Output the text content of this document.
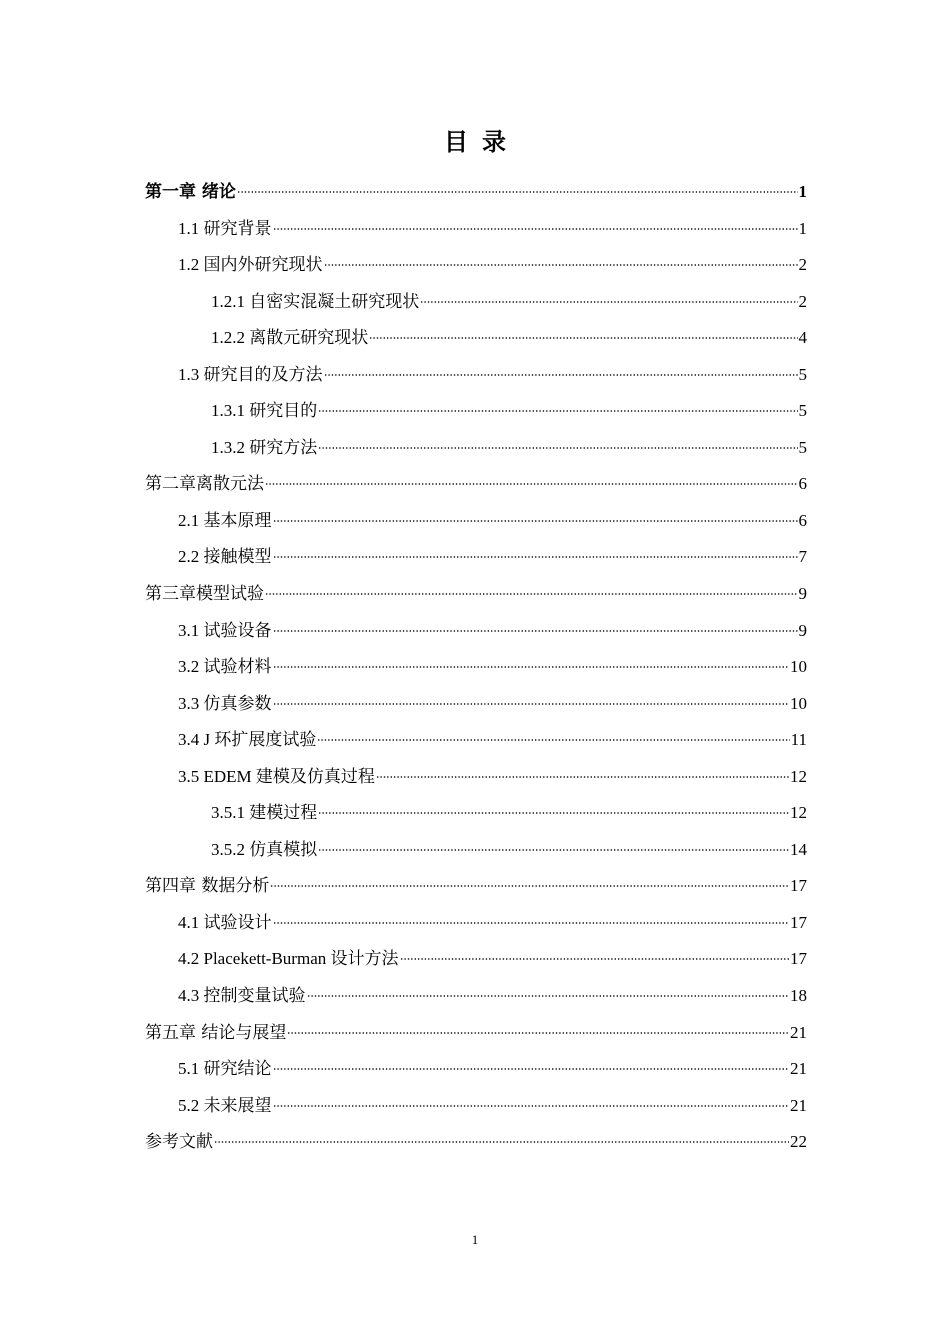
目录
第一章 绪论	1
1.1 研究背景	1
1.2 国内外研究现状	2
1.2.1 自密实混凝土研究现状	2
1.2.2 离散元研究现状	4
1.3 研究目的及方法	5
1.3.1 研究目的	5
1.3.2 研究方法	5
第二章离散元法	6
2.1 基本原理	6
2.2 接触模型	7
第三章模型试验	9
3.1 试验设备	9
3.2 试验材料	10
3.3 仿真参数	10
3.4 J 环扩展度试验	11
3.5 EDEM 建模及仿真过程	12
3.5.1 建模过程	12
3.5.2 仿真模拟	14
第四章 数据分析	17
4.1 试验设计	17
4.2 Placekett-Burman 设计方法	17
4.3 控制变量试验	18
第五章 结论与展望	21
5.1 研究结论	21
5.2 未来展望	21
参考文献	22
1
